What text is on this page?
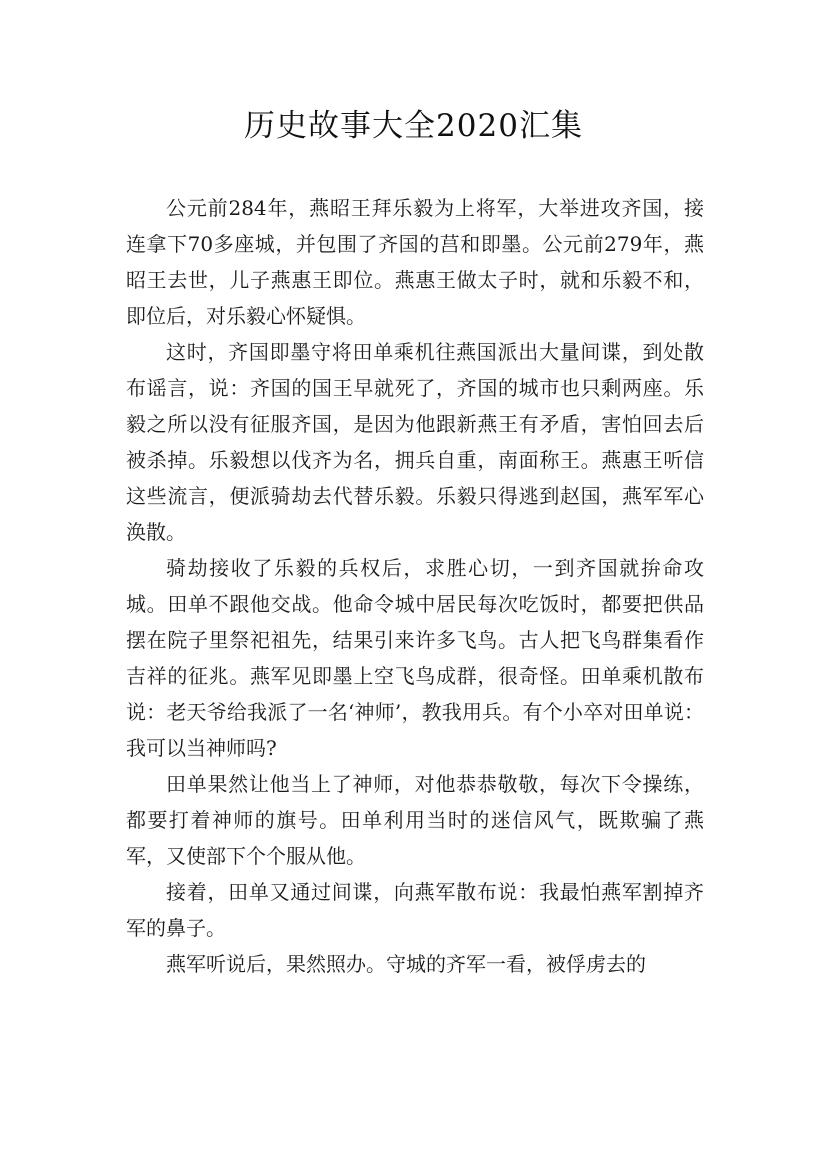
历史故事大全2020汇集

公元前284年，燕昭王拜乐毅为上将军，大举进攻齐国，接连拿下70多座城，并包围了齐国的莒和即墨。公元前279年，燕昭王去世，儿子燕惠王即位。燕惠王做太子时，就和乐毅不和，即位后，对乐毅心怀疑惧。

这时，齐国即墨守将田单乘机往燕国派出大量间谍，到处散布谣言，说：齐国的国王早就死了，齐国的城市也只剩两座。乐毅之所以没有征服齐国，是因为他跟新燕王有矛盾，害怕回去后被杀掉。乐毅想以伐齐为名，拥兵自重，南面称王。燕惠王听信这些流言，便派骑劫去代替乐毅。乐毅只得逃到赵国，燕军军心涣散。

骑劫接收了乐毅的兵权后，求胜心切，一到齐国就拚命攻城。田单不跟他交战。他命令城中居民每次吃饭时，都要把供品摆在院子里祭祀祖先，结果引来许多飞鸟。古人把飞鸟群集看作吉祥的征兆。燕军见即墨上空飞鸟成群，很奇怪。田单乘机散布说：老天爷给我派了一名‘神师’，教我用兵。有个小卒对田单说：我可以当神师吗?

田单果然让他当上了神师，对他恭恭敬敬，每次下令操练，都要打着神师的旗号。田单利用当时的迷信风气，既欺骗了燕军，又使部下个个服从他。

接着，田单又通过间谍，向燕军散布说：我最怕燕军割掉齐军的鼻子。

燕军听说后，果然照办。守城的齐军一看，被俘虏去的
